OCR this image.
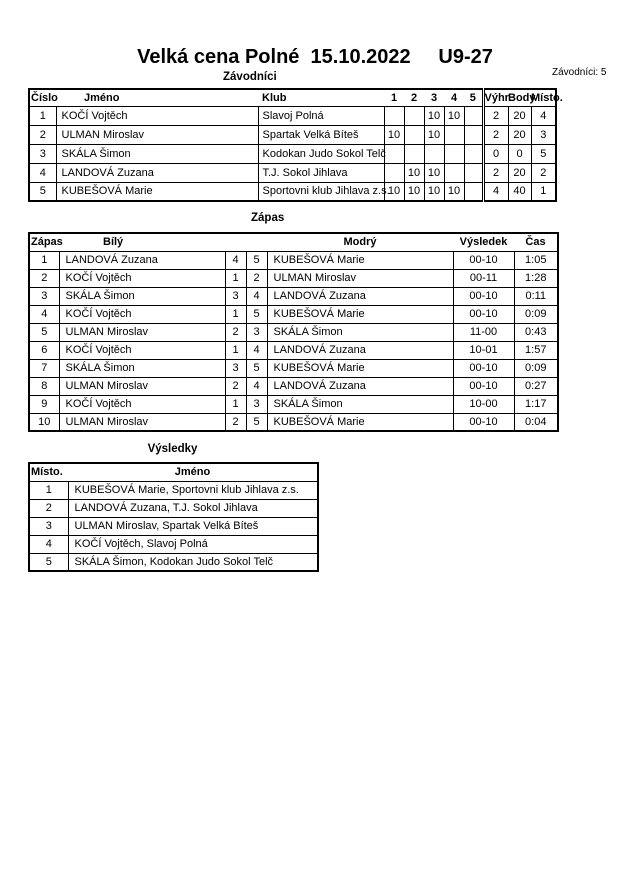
Velká cena Polné  15.10.2022     U9-27
Závodníci	Závodníci: 5
Číslo	Jméno	Klub	1	2	3	4	5	Výhr.	Body	Místo.
1	KOČÍ Vojtěch	Slavoj Polná			10	10		2	20	4
2	ULMAN Miroslav	Spartak Velká Bíteš	10		10			2	20	3
3	SKÁLA Šimon	Kodokan Judo Sokol Telč						0	0	5
4	LANDOVÁ Zuzana	T.J. Sokol Jihlava		10	10			2	20	2
5	KUBEŠOVÁ Marie	Sportovni klub Jihlava z.s.	10	10	10	10		4	40	1
Zápas
Zápas	Bílý			Modrý	Výsledek	Čas
1	LANDOVÁ Zuzana	4	5	KUBEŠOVÁ Marie	00-10	1:05
2	KOČÍ Vojtěch	1	2	ULMAN Miroslav	00-11	1:28
3	SKÁLA Šimon	3	4	LANDOVÁ Zuzana	00-10	0:11
4	KOČÍ Vojtěch	1	5	KUBEŠOVÁ Marie	00-10	0:09
5	ULMAN Miroslav	2	3	SKÁLA Šimon	11-00	0:43
6	KOČÍ Vojtěch	1	4	LANDOVÁ Zuzana	10-01	1:57
7	SKÁLA Šimon	3	5	KUBEŠOVÁ Marie	00-10	0:09
8	ULMAN Miroslav	2	4	LANDOVÁ Zuzana	00-10	0:27
9	KOČÍ Vojtěch	1	3	SKÁLA Šimon	10-00	1:17
10	ULMAN Miroslav	2	5	KUBEŠOVÁ Marie	00-10	0:04
Výsledky
Místo.	Jméno
1	KUBEŠOVÁ Marie, Sportovni klub Jihlava z.s.
2	LANDOVÁ Zuzana, T.J. Sokol Jihlava
3	ULMAN Miroslav, Spartak Velká Bíteš
4	KOČÍ Vojtěch, Slavoj Polná
5	SKÁLA Šimon, Kodokan Judo Sokol Telč
